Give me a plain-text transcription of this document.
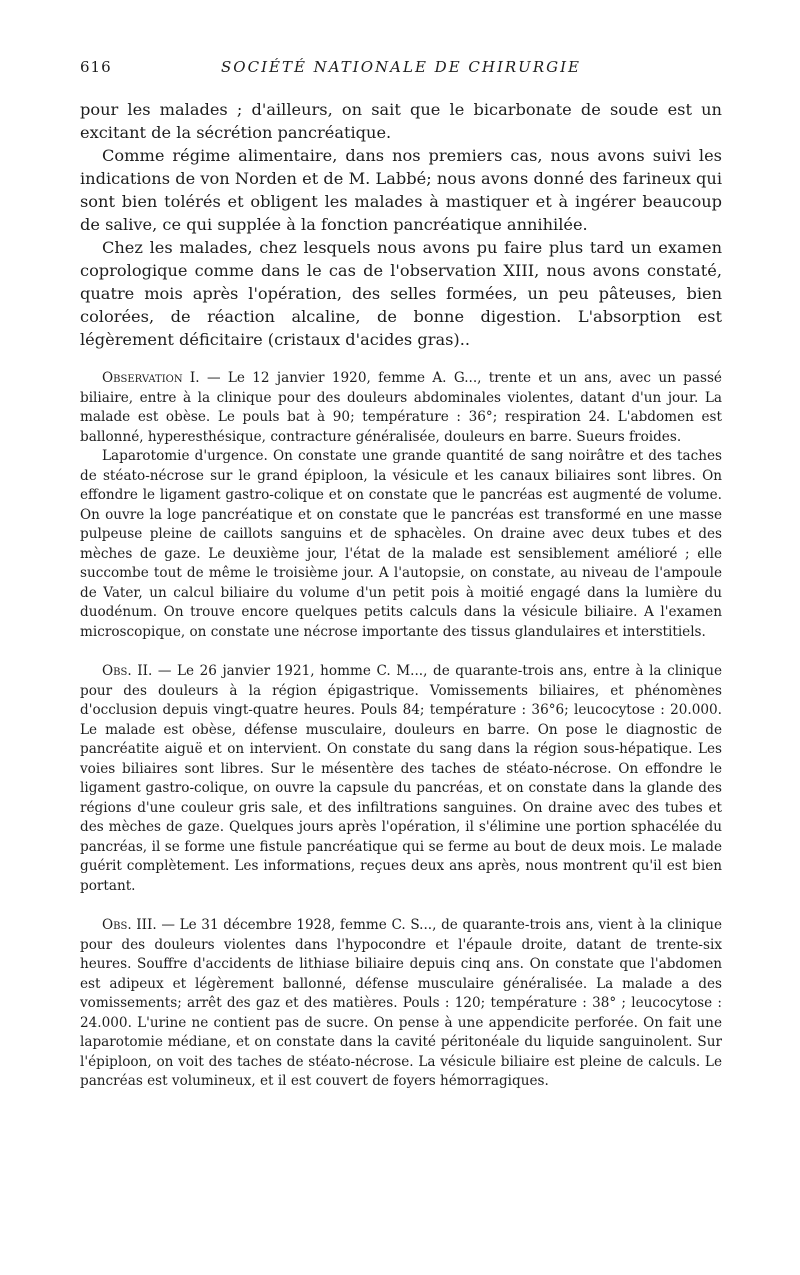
616	SOCIÉTÉ NATIONALE DE CHIRURGIE

pour les malades ; d'ailleurs, on sait que le bicarbonate de soude est un excitant de la sécrétion pancréatique.

Comme régime alimentaire, dans nos premiers cas, nous avons suivi les indications de von Norden et de M. Labbé; nous avons donné des farineux qui sont bien tolérés et obligent les malades à mastiquer et à ingérer beaucoup de salive, ce qui supplée à la fonction pancréatique annihilée.

Chez les malades, chez lesquels nous avons pu faire plus tard un examen coprologique comme dans le cas de l'observation XIII, nous avons constaté, quatre mois après l'opération, des selles formées, un peu pâteuses, bien colorées, de réaction alcaline, de bonne digestion. L'absorption est légèrement déficitaire (cristaux d'acides gras)..

Observation I. — Le 12 janvier 1920, femme A. G..., trente et un ans, avec un passé biliaire, entre à la clinique pour des douleurs abdominales violentes, datant d'un jour. La malade est obèse. Le pouls bat à 90; température : 36°; respiration 24. L'abdomen est ballonné, hyperesthésique, contracture généralisée, douleurs en barre. Sueurs froides.

Laparotomie d'urgence. On constate une grande quantité de sang noirâtre et des taches de stéato-nécrose sur le grand épiploon, la vésicule et les canaux biliaires sont libres. On effondre le ligament gastro-colique et on constate que le pancréas est augmenté de volume. On ouvre la loge pancréatique et on constate que le pancréas est transformé en une masse pulpeuse pleine de caillots sanguins et de sphacèles. On draine avec deux tubes et des mèches de gaze. Le deuxième jour, l'état de la malade est sensiblement amélioré ; elle succombe tout de même le troisième jour. A l'autopsie, on constate, au niveau de l'ampoule de Vater, un calcul biliaire du volume d'un petit pois à moitié engagé dans la lumière du duodénum. On trouve encore quelques petits calculs dans la vésicule biliaire. A l'examen microscopique, on constate une nécrose importante des tissus glandulaires et interstitiels.

Obs. II. — Le 26 janvier 1921, homme C. M..., de quarante-trois ans, entre à la clinique pour des douleurs à la région épigastrique. Vomissements biliaires, et phénomènes d'occlusion depuis vingt-quatre heures. Pouls 84; température : 36°6; leucocytose : 20.000. Le malade est obèse, défense musculaire, douleurs en barre. On pose le diagnostic de pancréatite aiguë et on intervient. On constate du sang dans la région sous-hépatique. Les voies biliaires sont libres. Sur le mésentère des taches de stéato-nécrose. On effondre le ligament gastro-colique, on ouvre la capsule du pancréas, et on constate dans la glande des régions d'une couleur gris sale, et des infiltrations sanguines. On draine avec des tubes et des mèches de gaze. Quelques jours après l'opération, il s'élimine une portion sphacélée du pancréas, il se forme une fistule pancréatique qui se ferme au bout de deux mois. Le malade guérit complètement. Les informations, reçues deux ans après, nous montrent qu'il est bien portant.

Obs. III. — Le 31 décembre 1928, femme C. S..., de quarante-trois ans, vient à la clinique pour des douleurs violentes dans l'hypocondre et l'épaule droite, datant de trente-six heures. Souffre d'accidents de lithiase biliaire depuis cinq ans. On constate que l'abdomen est adipeux et légèrement ballonné, défense musculaire généralisée. La malade a des vomissements; arrêt des gaz et des matières. Pouls : 120; température : 38° ; leucocytose : 24.000. L'urine ne contient pas de sucre. On pense à une appendicite perforée. On fait une laparotomie médiane, et on constate dans la cavité péritonéale du liquide sanguinolent. Sur l'épiploon, on voit des taches de stéato-nécrose. La vésicule biliaire est pleine de calculs. Le pancréas est volumineux, et il est couvert de foyers hémorragiques.
